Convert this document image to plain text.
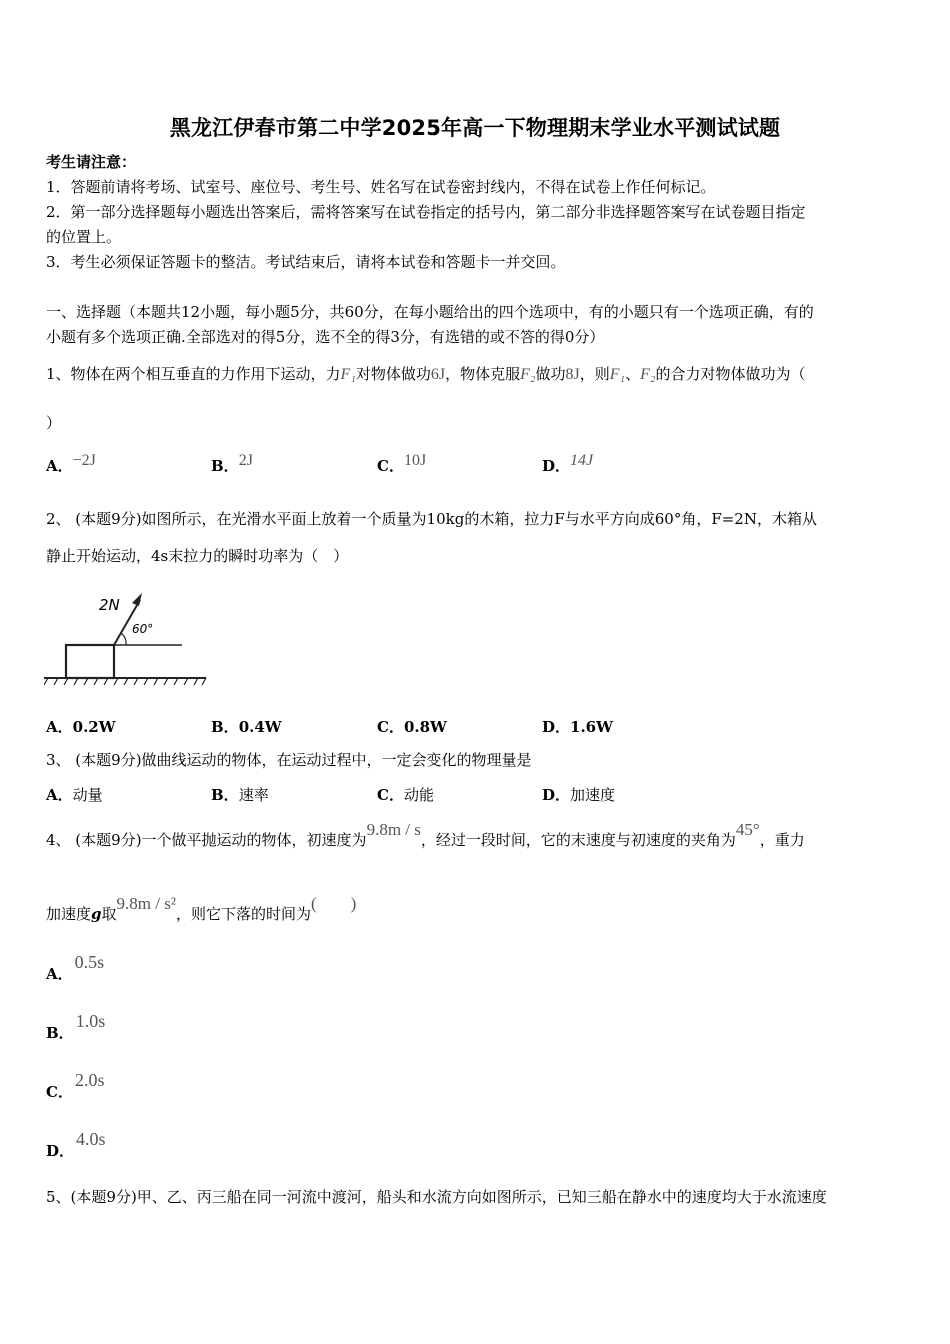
黑龙江伊春市第二中学2025年高一下物理期末学业水平测试试题
考生请注意：
1．答题前请将考场、试室号、座位号、考生号、姓名写在试卷密封线内，不得在试卷上作任何标记。
2．第一部分选择题每小题选出答案后，需将答案写在试卷指定的括号内，第二部分非选择题答案写在试卷题目指定
的位置上。
3．考生必须保证答题卡的整洁。考试结束后，请将本试卷和答题卡一并交回。
一、选择题（本题共12小题，每小题5分，共60分，在每小题给出的四个选项中，有的小题只有一个选项正确，有的
小题有多个选项正确.全部选对的得5分，选不全的得3分，有选错的或不答的得0分）
1、物体在两个相互垂直的力作用下运动，力F₁对物体做功6J，物体克服F₂做功8J，则F₁、F₂的合力对物体做功为（
）
A．−2J	B．2J	C．10J	D．14J
2、 (本题9分)如图所示，在光滑水平面上放着一个质量为10kg的木箱，拉力F与水平方向成60°角，F=2N，木箱从
静止开始运动，4s末拉力的瞬时功率为（　）
2N
60°
A．0.2W	B．0.4W	C．0.8W	D．1.6W
3、 (本题9分)做曲线运动的物体，在运动过程中，一定会变化的物理量是
A．动量	B．速率	C．动能	D．加速度
4、 (本题9分)一个做平抛运动的物体，初速度为9.8m / s，经过一段时间，它的末速度与初速度的夹角为45°，重力
加速度g取9.8m / s²，则它下落的时间为(　　)
A．0.5s
B．1.0s
C．2.0s
D．4.0s
5、(本题9分)甲、乙、丙三船在同一河流中渡河，船头和水流方向如图所示，已知三船在静水中的速度均大于水流速度
